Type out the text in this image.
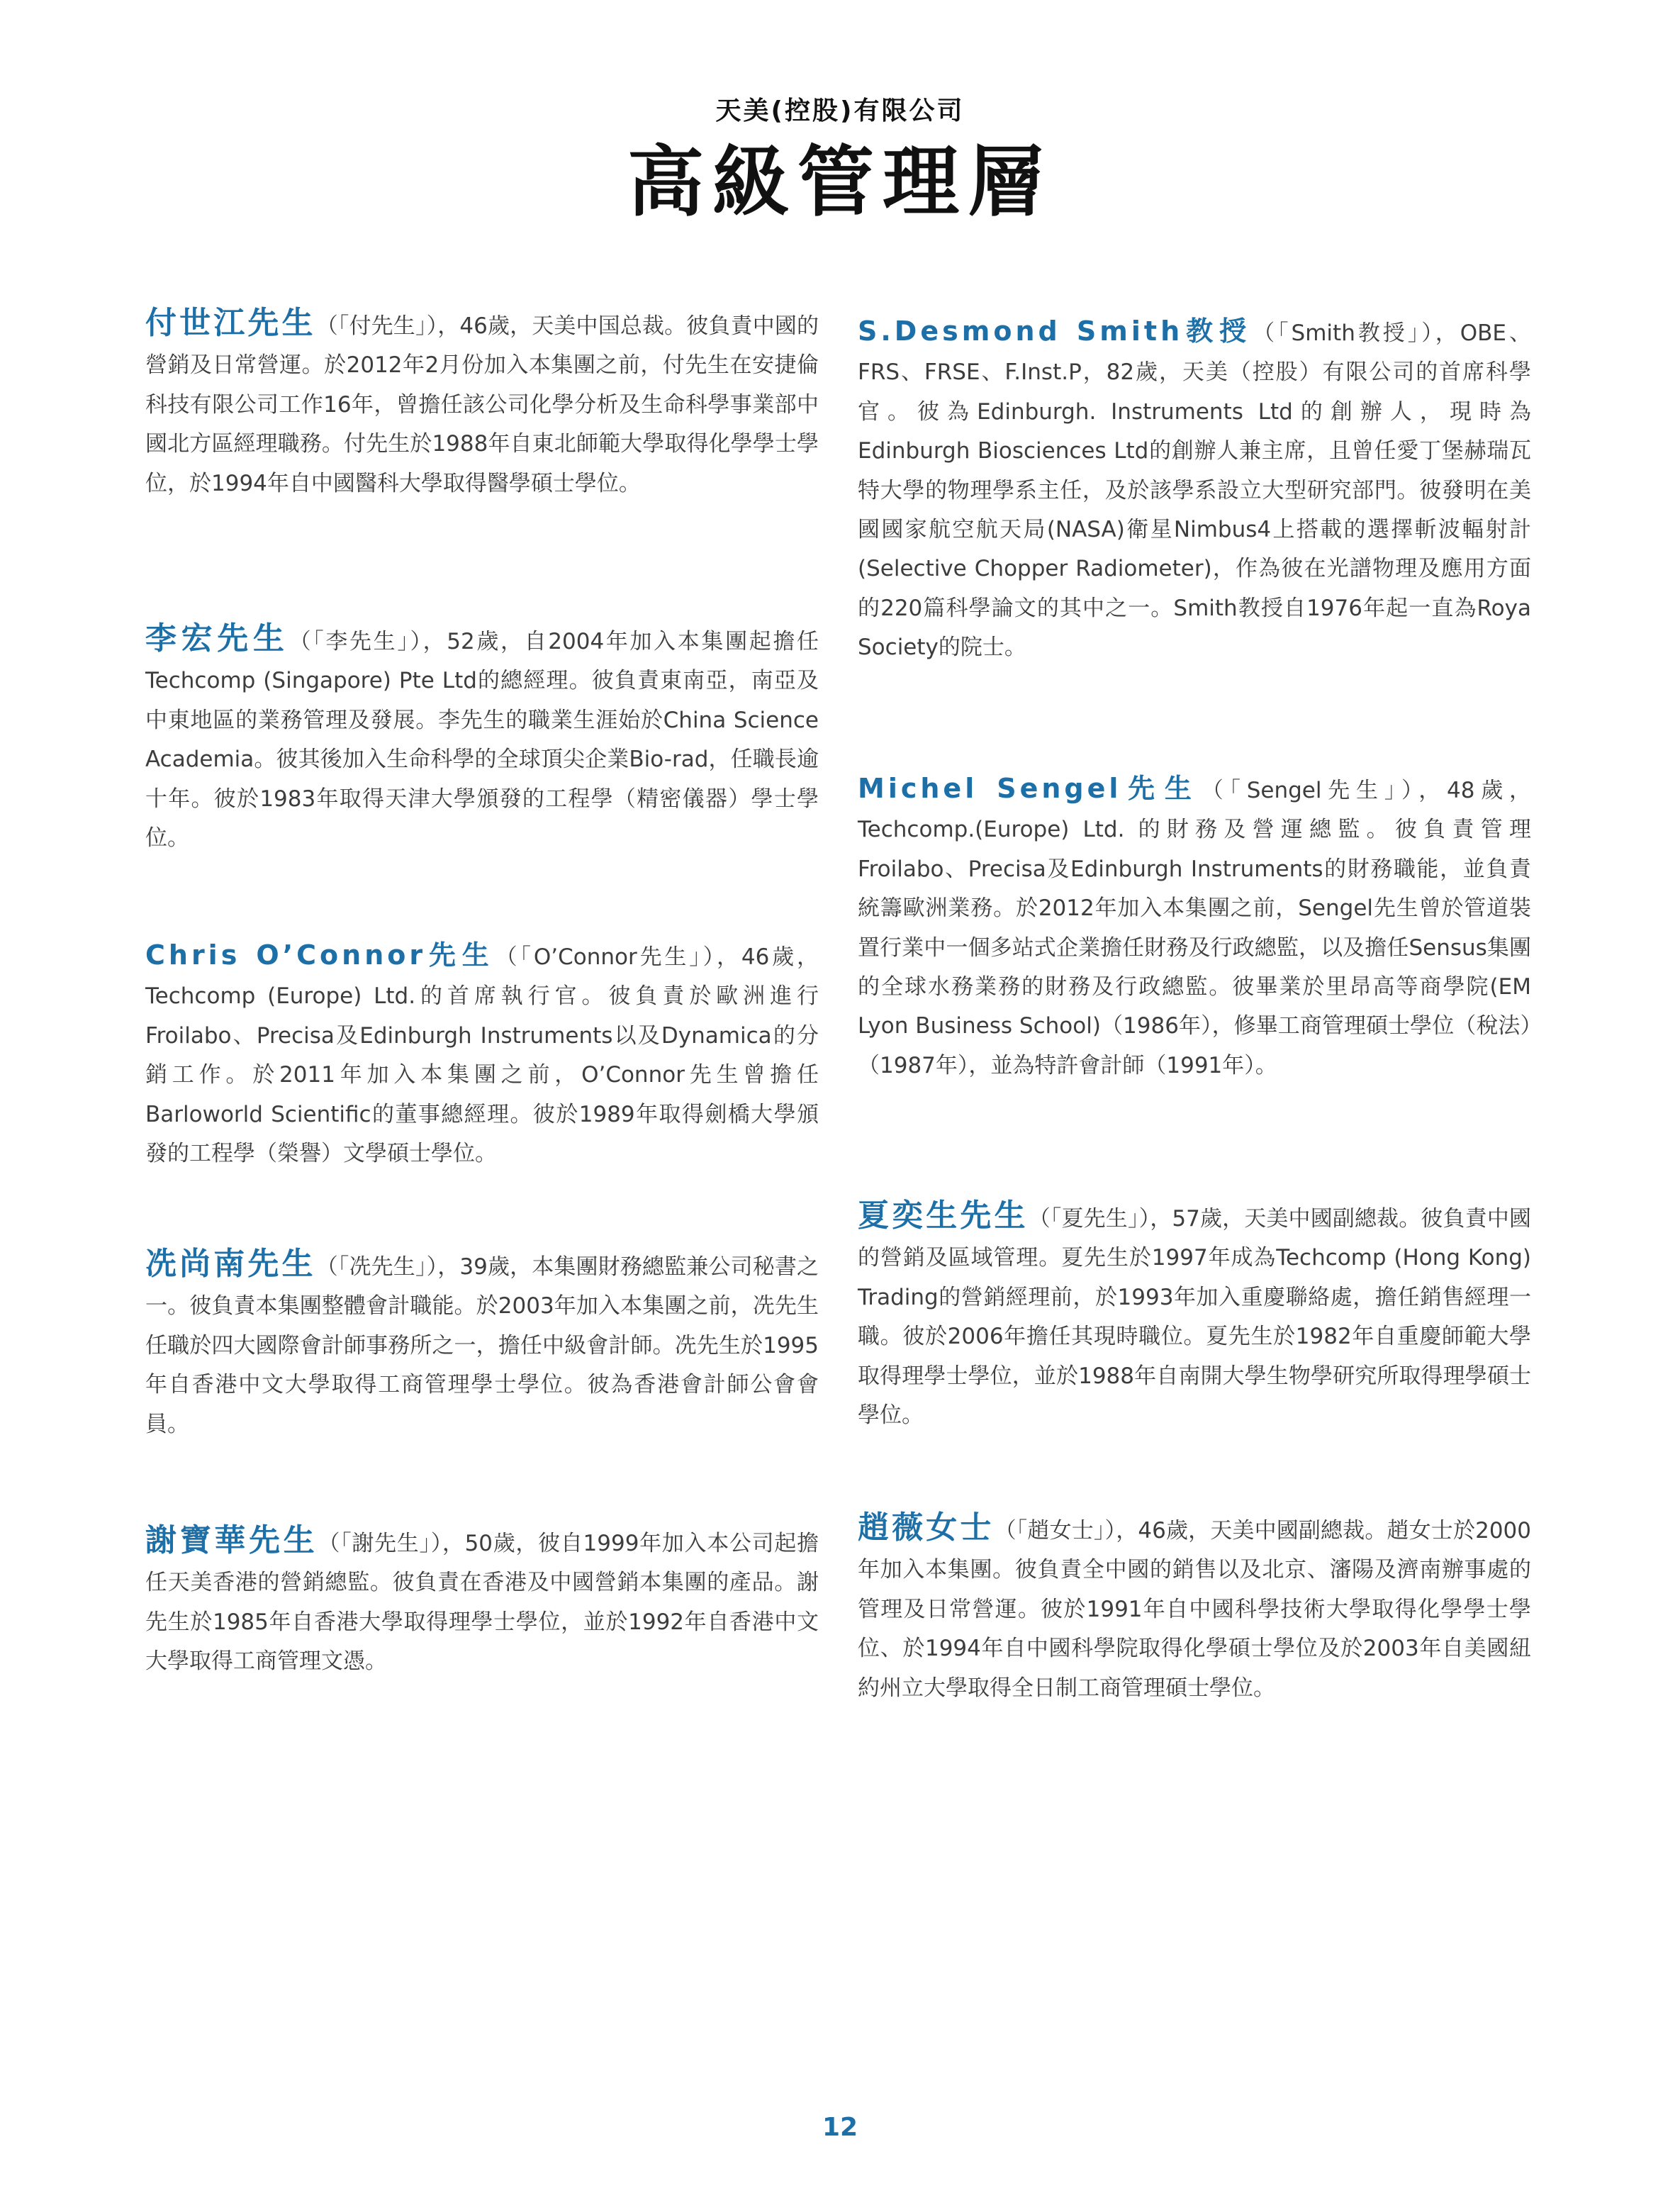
天美(控股)有限公司
高級管理層
付世江先生（「付先生」），46歲，天美中国总裁。彼負責中國的營銷及日常營運。於2012年2月份加入本集團之前，付先生在安捷倫科技有限公司工作16年，曾擔任該公司化學分析及生命科學事業部中國北方區經理職務。付先生於1988年自東北師範大學取得化學學士學位，於1994年自中國醫科大學取得醫學碩士學位。
李宏先生（「李先生」），52歲，自2004年加入本集團起擔任Techcomp (Singapore) Pte Ltd的總經理。彼負責東南亞，南亞及中東地區的業務管理及發展。李先生的職業生涯始於China Science Academia。彼其後加入生命科學的全球頂尖企業Bio-rad，任職長逾十年。彼於1983年取得天津大學頒發的工程學（精密儀器）學士學位。
Chris O’Connor先生（「O’Connor先生」），46歲，Techcomp (Europe) Ltd.的首席執行官。彼負責於歐洲進行Froilabo、Precisa及Edinburgh Instruments以及Dynamica的分銷工作。於2011年加入本集團之前，O’Connor先生曾擔任Barloworld Scientific的董事總經理。彼於1989年取得劍橋大學頒發的工程學（榮譽）文學碩士學位。
冼尚南先生（「冼先生」），39歲，本集團財務總監兼公司秘書之一。彼負責本集團整體會計職能。於2003年加入本集團之前，冼先生任職於四大國際會計師事務所之一，擔任中級會計師。冼先生於1995年自香港中文大學取得工商管理學士學位。彼為香港會計師公會會員。
謝寶華先生（「謝先生」），50歲，彼自1999年加入本公司起擔任天美香港的營銷總監。彼負責在香港及中國營銷本集團的產品。謝先生於1985年自香港大學取得理學士學位，並於1992年自香港中文大學取得工商管理文憑。
S.Desmond Smith教授（「Smith教授」），OBE、FRS、FRSE、F.Inst.P，82歲，天美（控股）有限公司的首席科學官。彼為Edinburgh. Instruments Ltd的創辦人，現時為Edinburgh Biosciences Ltd的創辦人兼主席，且曾任愛丁堡赫瑞瓦特大學的物理學系主任，及於該學系設立大型研究部門。彼發明在美國國家航空航天局(NASA)衛星Nimbus4上搭載的選擇斬波輻射計(Selective Chopper Radiometer)，作為彼在光譜物理及應用方面的220篇科學論文的其中之一。Smith教授自1976年起一直為Roya Society的院士。
Michel Sengel先生（「Sengel先生」），48歲，Techcomp.(Europe) Ltd. 的財務及營運總監。彼負責管理Froilabo、Precisa及Edinburgh Instruments的財務職能，並負責統籌歐洲業務。於2012年加入本集團之前，Sengel先生曾於管道裝置行業中一個多站式企業擔任財務及行政總監，以及擔任Sensus集團的全球水務業務的財務及行政總監。彼畢業於里昂高等商學院(EM Lyon Business School)（1986年），修畢工商管理碩士學位（稅法）（1987年），並為特許會計師（1991年）。
夏奕生先生（「夏先生」），57歲，天美中國副總裁。彼負責中國的營銷及區域管理。夏先生於1997年成為Techcomp (Hong Kong) Trading的營銷經理前，於1993年加入重慶聯絡處，擔任銷售經理一職。彼於2006年擔任其現時職位。夏先生於1982年自重慶師範大學取得理學士學位，並於1988年自南開大學生物學研究所取得理學碩士學位。
趙薇女士（「趙女士」），46歲，天美中國副總裁。趙女士於2000年加入本集團。彼負責全中國的銷售以及北京、瀋陽及濟南辦事處的管理及日常營運。彼於1991年自中國科學技術大學取得化學學士學位、於1994年自中國科學院取得化學碩士學位及於2003年自美國紐約州立大學取得全日制工商管理碩士學位。
12
